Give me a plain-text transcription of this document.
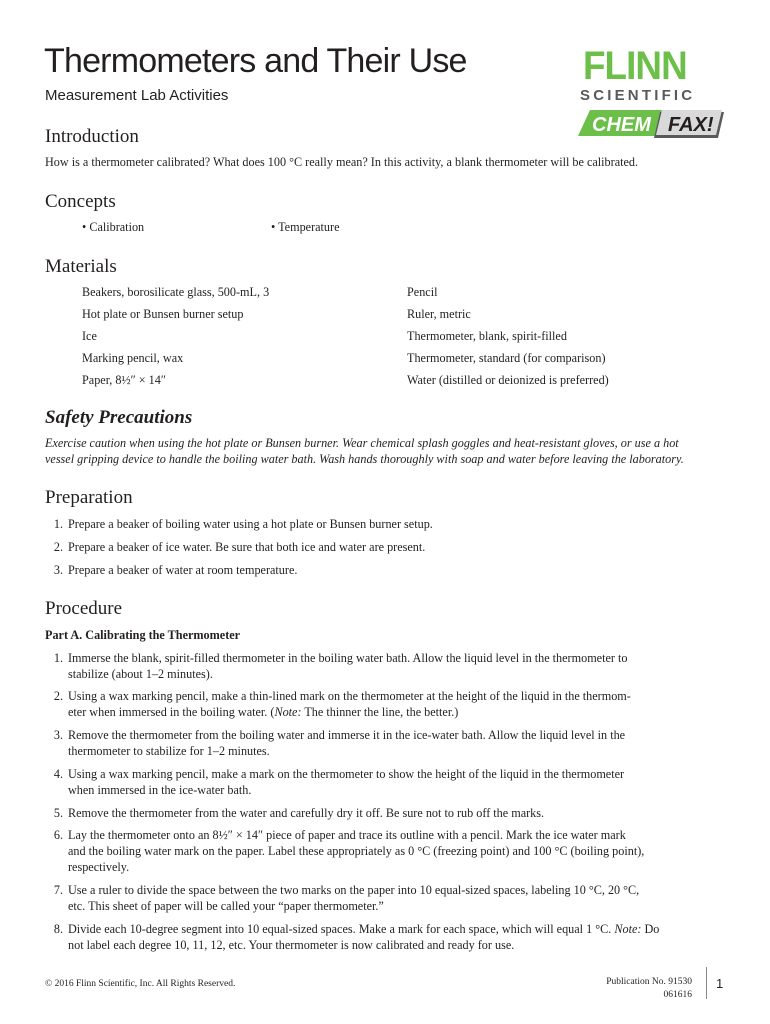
Thermometers and Their Use
Measurement Lab Activities
FLINN
SCIENTIFIC
CHEM FAX!
Introduction
How is a thermometer calibrated? What does 100 °C really mean? In this activity, a blank thermometer will be calibrated.
Concepts
• Calibration	• Temperature
Materials
Beakers, borosilicate glass, 500-mL, 3
Hot plate or Bunsen burner setup
Ice
Marking pencil, wax
Paper, 8½″ × 14″
Pencil
Ruler, metric
Thermometer, blank, spirit-filled
Thermometer, standard (for comparison)
Water (distilled or deionized is preferred)
Safety Precautions
Exercise caution when using the hot plate or Bunsen burner. Wear chemical splash goggles and heat-resistant gloves, or use a hot
vessel gripping device to handle the boiling water bath. Wash hands thoroughly with soap and water before leaving the laboratory.
Preparation
1. Prepare a beaker of boiling water using a hot plate or Bunsen burner setup.
2. Prepare a beaker of ice water. Be sure that both ice and water are present.
3. Prepare a beaker of water at room temperature.
Procedure
Part A. Calibrating the Thermometer
1. Immerse the blank, spirit-filled thermometer in the boiling water bath. Allow the liquid level in the thermometer to
stabilize (about 1–2 minutes).
2. Using a wax marking pencil, make a thin-lined mark on the thermometer at the height of the liquid in the thermom-
eter when immersed in the boiling water. (Note: The thinner the line, the better.)
3. Remove the thermometer from the boiling water and immerse it in the ice-water bath. Allow the liquid level in the
thermometer to stabilize for 1–2 minutes.
4. Using a wax marking pencil, make a mark on the thermometer to show the height of the liquid in the thermometer
when immersed in the ice-water bath.
5. Remove the thermometer from the water and carefully dry it off. Be sure not to rub off the marks.
6. Lay the thermometer onto an 8½″ × 14″ piece of paper and trace its outline with a pencil. Mark the ice water mark
and the boiling water mark on the paper. Label these appropriately as 0 °C (freezing point) and 100 °C (boiling point),
respectively.
7. Use a ruler to divide the space between the two marks on the paper into 10 equal-sized spaces, labeling 10 °C, 20 °C,
etc. This sheet of paper will be called your “paper thermometer.”
8. Divide each 10-degree segment into 10 equal-sized spaces. Make a mark for each space, which will equal 1 °C. Note: Do
not label each degree 10, 11, 12, etc. Your thermometer is now calibrated and ready for use.
© 2016 Flinn Scientific, Inc. All Rights Reserved.	Publication No. 91530
061616
1
